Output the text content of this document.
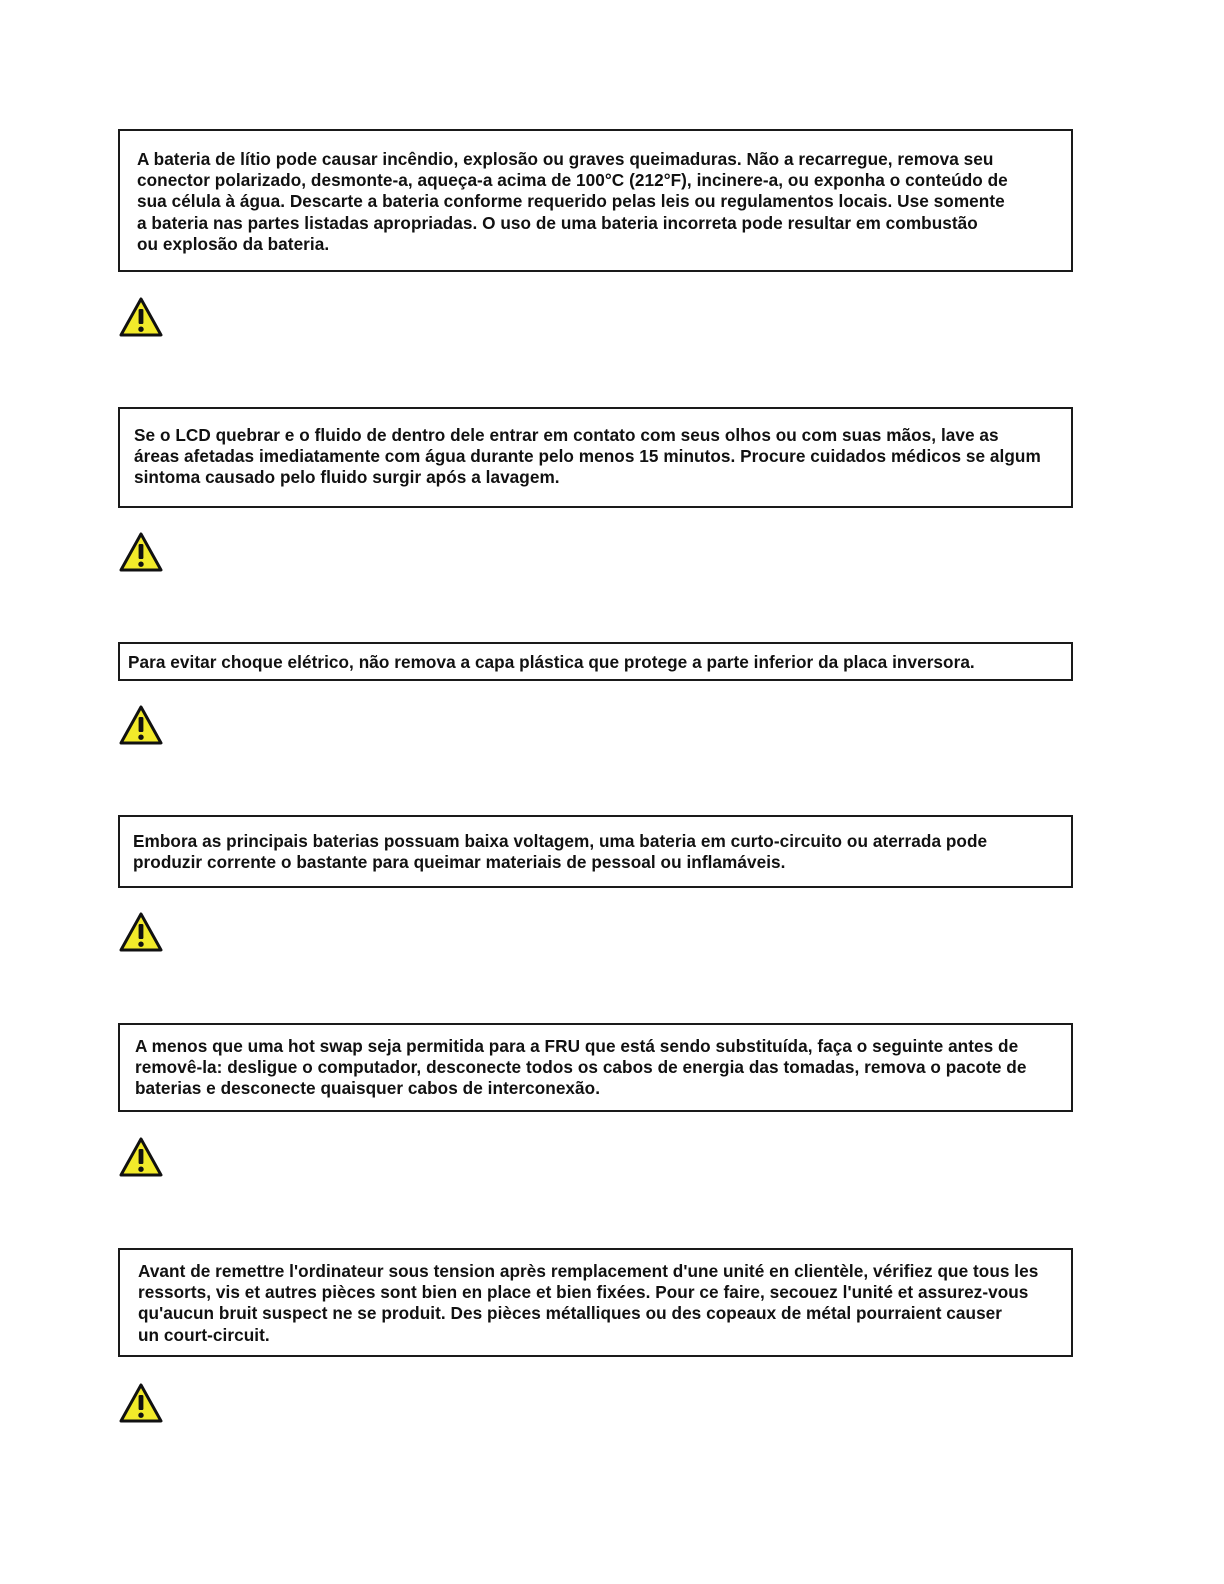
A bateria de lítio pode causar incêndio, explosão ou graves queimaduras. Não a recarregue, remova seu
conector polarizado, desmonte-a, aqueça-a acima de 100°C (212°F), incinere-a, ou exponha o conteúdo de
sua célula à água. Descarte a bateria conforme requerido pelas leis ou regulamentos locais. Use somente
a bateria nas partes listadas apropriadas. O uso de uma bateria incorreta pode resultar em combustão
ou explosão da bateria.

Se o LCD quebrar e o fluido de dentro dele entrar em contato com seus olhos ou com suas mãos, lave as
áreas afetadas imediatamente com água durante pelo menos 15 minutos. Procure cuidados médicos se algum
sintoma causado pelo fluido surgir após a lavagem.

Para evitar choque elétrico, não remova a capa plástica que protege a parte inferior da placa inversora.

Embora as principais baterias possuam baixa voltagem, uma bateria em curto-circuito ou aterrada pode
produzir corrente o bastante para queimar materiais de pessoal ou inflamáveis.

A menos que uma hot swap seja permitida para a FRU que está sendo substituída, faça o seguinte antes de
removê-la: desligue o computador, desconecte todos os cabos de energia das tomadas, remova o pacote de
baterias e desconecte quaisquer cabos de interconexão.

Avant de remettre l'ordinateur sous tension après remplacement d'une unité en clientèle, vérifiez que tous les
ressorts, vis et autres pièces sont bien en place et bien fixées. Pour ce faire, secouez l'unité et assurez-vous
qu'aucun bruit suspect ne se produit. Des pièces métalliques ou des copeaux de métal pourraient causer
un court-circuit.
